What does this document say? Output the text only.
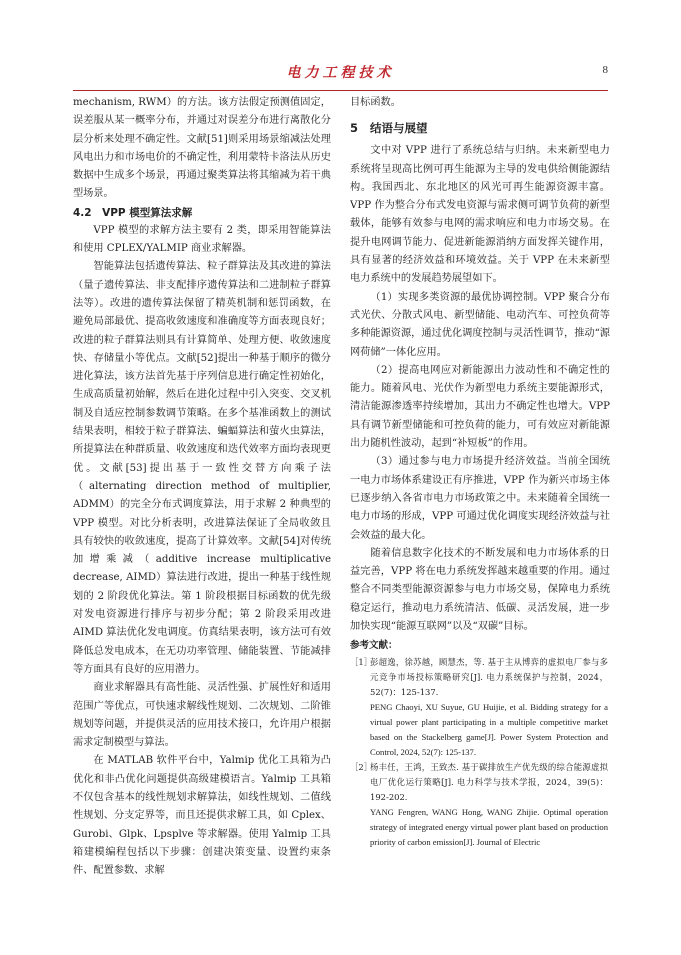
电力工程技术	8

mechanism, RWM）的方法。该方法假定预测值固定，误差服从某一概率分布，并通过对误差分布进行离散化分层分析来处理不确定性。文献[51]则采用场景缩减法处理风电出力和市场电价的不确定性，利用蒙特卡洛法从历史数据中生成多个场景，再通过聚类算法将其缩减为若干典型场景。

4.2　VPP 模型算法求解

VPP 模型的求解方法主要有 2 类，即采用智能算法和使用 CPLEX/YALMIP 商业求解器。

智能算法包括遗传算法、粒子群算法及其改进的算法（量子遗传算法、非支配排序遗传算法和二进制粒子群算法等）。改进的遗传算法保留了精英机制和惩罚函数，在避免局部最优、提高收敛速度和准确度等方面表现良好；改进的粒子群算法则具有计算简单、处理方便、收敛速度快、存储量小等优点。文献[52]提出一种基于顺序的微分进化算法，该方法首先基于序列信息进行确定性初始化，生成高质量初始解，然后在进化过程中引入突变、交叉机制及自适应控制参数调节策略。在多个基准函数上的测试结果表明，相较于粒子群算法、蝙蝠算法和萤火虫算法，所提算法在种群质量、收敛速度和迭代效率方面均表现更优。文献[53]提出基于一致性交替方向乘子法（alternating direction method of multiplier, ADMM）的完全分布式调度算法，用于求解 2 种典型的 VPP 模型。对比分析表明，改进算法保证了全局收敛且具有较快的收敛速度，提高了计算效率。文献[54]对传统加增乘减（additive increase multiplicative decrease, AIMD）算法进行改进，提出一种基于线性规划的 2 阶段优化算法。第 1 阶段根据目标函数的优先级对发电资源进行排序与初步分配；第 2 阶段采用改进 AIMD 算法优化发电调度。仿真结果表明，该方法可有效降低总发电成本，在无功功率管理、储能装置、节能减排等方面具有良好的应用潜力。

商业求解器具有高性能、灵活性强、扩展性好和适用范围广等优点，可快速求解线性规划、二次规划、二阶锥规划等问题，并提供灵活的应用技术接口，允许用户根据需求定制模型与算法。

在 MATLAB 软件平台中，Yalmip 优化工具箱为凸优化和非凸优化问题提供高级建模语言。Yalmip 工具箱不仅包含基本的线性规划求解算法，如线性规划、二值线性规划、分支定界等，而且还提供求解工具，如 Cplex、Gurobi、Glpk、Lpsplve 等求解器。使用 Yalmip 工具箱建模编程包括以下步骤：创建决策变量、设置约束条件、配置参数、求解

目标函数。

5 结语与展望

文中对 VPP 进行了系统总结与归纳。未来新型电力系统将呈现高比例可再生能源为主导的发电供给侧能源结构。我国西北、东北地区的风光可再生能源资源丰富。VPP 作为整合分布式发电资源与需求侧可调节负荷的新型载体，能够有效参与电网的需求响应和电力市场交易。在提升电网调节能力、促进新能源消纳方面发挥关键作用，具有显著的经济效益和环境效益。关于 VPP 在未来新型电力系统中的发展趋势展望如下。

（1）实现多类资源的最优协调控制。VPP 聚合分布式光伏、分散式风电、新型储能、电动汽车、可控负荷等多种能源资源，通过优化调度控制与灵活性调节，推动“源网荷储”一体化应用。

（2）提高电网应对新能源出力波动性和不确定性的能力。随着风电、光伏作为新型电力系统主要能源形式，清洁能源渗透率持续增加，其出力不确定性也增大。VPP 具有调节新型储能和可控负荷的能力，可有效应对新能源出力随机性波动，起到“补短板”的作用。

（3）通过参与电力市场提升经济效益。当前全国统一电力市场体系建设正有序推进，VPP 作为新兴市场主体已逐步纳入各省市电力市场政策之中。未来随着全国统一电力市场的形成，VPP 可通过优化调度实现经济效益与社会效益的最大化。

随着信息数字化技术的不断发展和电力市场体系的日益完善，VPP 将在电力系统发挥越来越重要的作用。通过整合不同类型能源资源参与电力市场交易，保障电力系统稳定运行，推动电力系统清洁、低碳、灵活发展，进一步加快实现“能源互联网”以及“双碳”目标。

参考文献：

［1］彭超逸，徐苏越，顾慧杰，等. 基于主从博弈的虚拟电厂参与多元竞争市场投标策略研究[J]. 电力系统保护与控制，2024，52(7)：125-137.
PENG Chaoyi, XU Suyue, GU Huijie, et al. Bidding strategy for a virtual power plant participating in a multiple competitive market based on the Stackelberg game[J]. Power System Protection and Control, 2024, 52(7): 125-137.
［2］杨丰任，王鸿，王致杰. 基于碳排放生产优先级的综合能源虚拟电厂优化运行策略[J]. 电力科学与技术学报，2024，39(5)：192-202.
YANG Fengren, WANG Hong, WANG Zhijie. Optimal operation strategy of integrated energy virtual power plant based on production priority of carbon emission[J]. Journal of Electric
